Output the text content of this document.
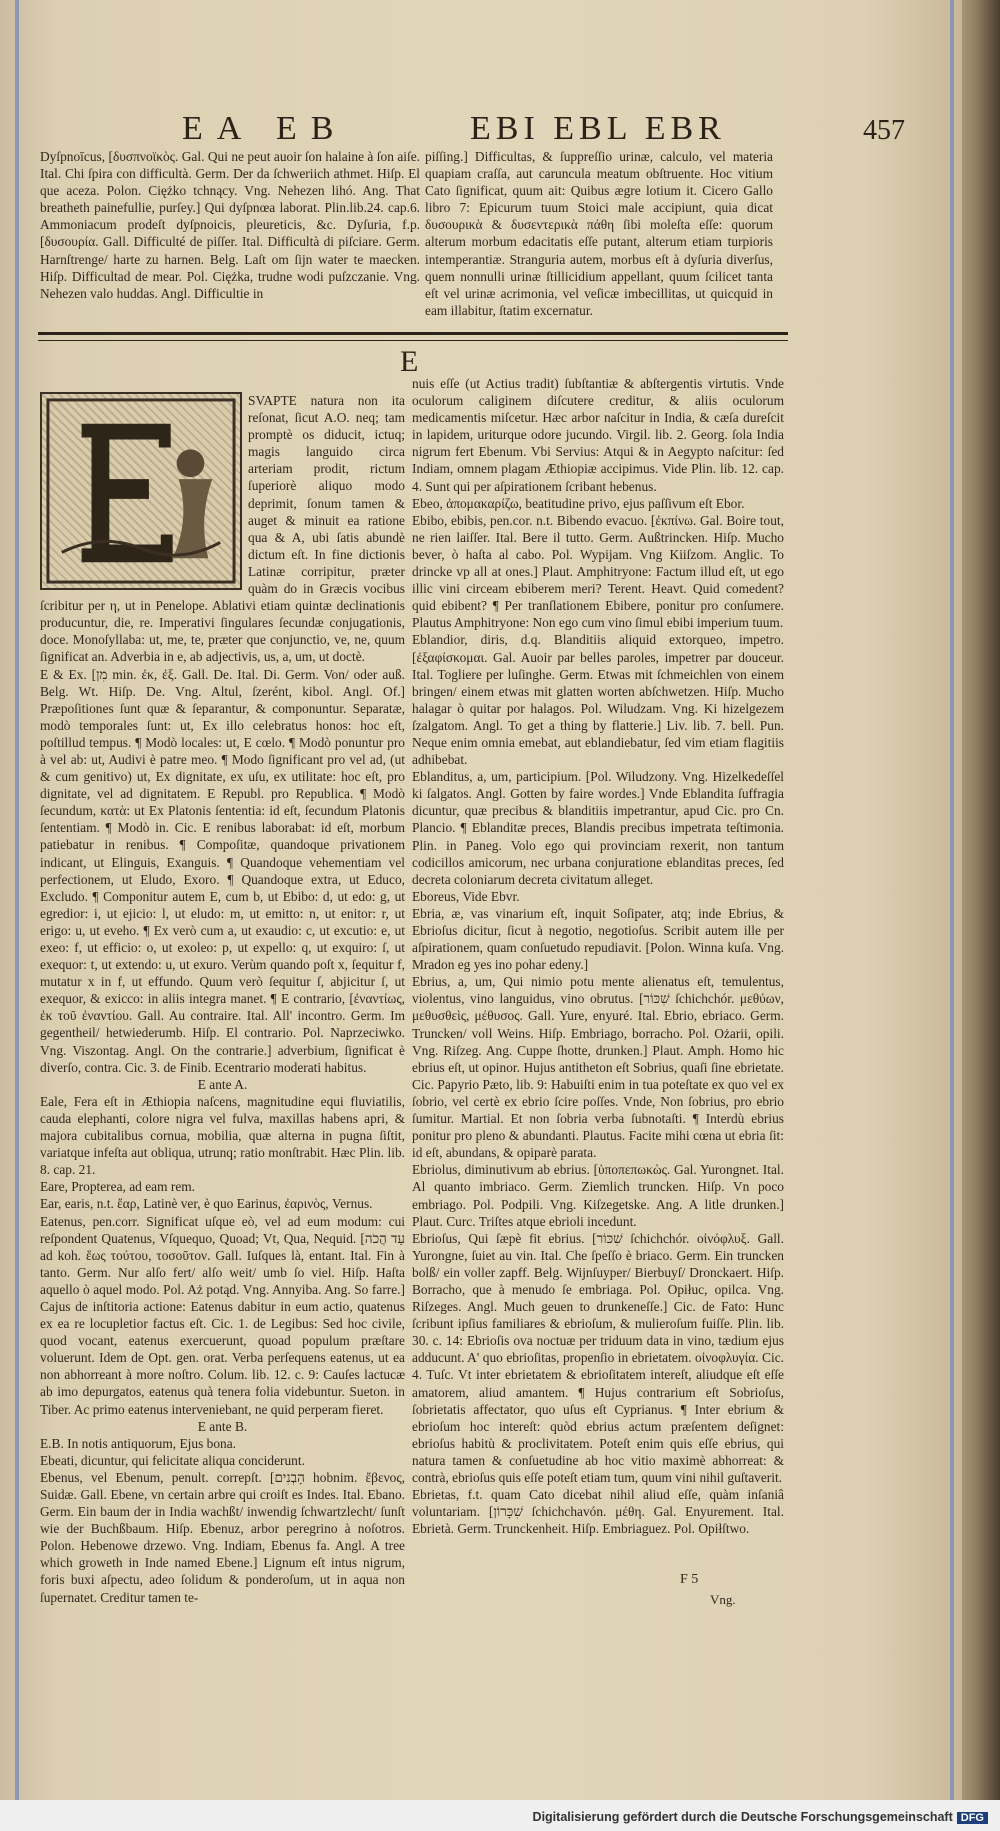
EA EB	EBI EBL EBR	457

Dyſpnoīcus, [δυσπνοϊκὸς. Gal. Qui ne peut auoir ſon halaine à ſon aiſe. Ital. Chi ſpira con difficultà. Germ. Der da ſchweriich athmet. Hiſp. El que acezа. Polon. Ciężko tchnący. Vng. Nehezen lihó. Ang. That breatheth painefullie, purſey.] Qui dyſpnœa laborat. Plin.lib.24. cap.6. Ammoniacum prodeſt dyſpnoicis, pleureticis, &c. Dyſuria, f.p. [δυσουρία. Gall. Difficulté de piſſer. Ital. Difficultà di piſciare. Germ. Harnſtrenge/ harte zu harnen. Belg. Laſt om ſijn water te maecken. Hiſp. Difficultad de mear. Pol. Ciężka, trudne wodi puſzczanie. Vng. Nehezen valo huddas. Angl. Difficultie in

piſſing.] Difficultas, & ſuppreſſio urinæ, calculo, vel materia quapiam craſſa, aut caruncula meatum obſtruente. Hoc vitium Cato ſignificat, quum ait: Quibus ægre lotium it. Cicero Gallo libro 7: Epicurum tuum Stoici male accipiunt, quia dicat δυσουρικὰ & δυσεντερικὰ πάθη ſibi moleſta eſſe: quorum alterum morbum edacitatis eſſe putant, alterum etiam turpioris intemperantiæ. Stranguria autem, morbus eſt à dyſuria diverſus, quem nonnulli urinæ ſtillicidium appellant, quum ſcilicet tanta eſt vel urinæ acrimonia, vel veſicæ imbecillitas, ut quicquid in eam illabitur, ſtatim excernatur.

E

SVAPTE natura non ita reſonat, ſicut A.O. neq; tam promptè os diducit, ictuq; magis languido circa arteriam prodit, rictum ſuperiorè aliquo modo deprimit, ſonum tamen & auget & minuit ea ratione qua & A, ubi ſatis abundè dictum eſt. In fine dictionis Latinæ corripitur, præter quàm do in Græcis vocibus ſcribitur per η, ut in Penelope. Ablativi etiam quintæ declinationis producuntur, die, re. Imperativi ſingulares ſecundæ conjugationis, doce. Monoſyllaba: ut, me, te, præter que conjunctio, ve, ne, quum ſignificat an. Adverbia in e, ab adjectivis, us, a, um, ut doctè.

E & Ex. [מִן min. ἐκ, ἐξ. Gall. De. Ital. Di. Germ. Von/ oder auß. Belg. Wt. Hiſp. De. Vng. Altul, ſzerént, kibol. Angl. Of.] Præpoſitiones ſunt quæ & ſeparantur, & componuntur. Separatæ, modò temporales ſunt: ut, Ex illo celebratus honos: hoc eſt, poſtillud tempus. ¶ Modò locales: ut, E cœlo. ¶ Modò ponuntur pro à vel ab: ut, Audivi è patre meo. ¶ Modo ſignificant pro vel ad, (ut & cum genitivo) ut, Ex dignitate, ex uſu, ex utilitate: hoc eſt, pro dignitate, vel ad dignitatem. E Republ. pro Republica. ¶ Modò ſecundum, κατὰ: ut Ex Platonis ſententia: id eſt, ſecundum Platonis ſententiam. ¶ Modò in. Cic. E renibus laborabat: id eſt, morbum patiebatur in renibus. ¶ Compoſitæ, quandoque privationem indicant, ut Elinguis, Exanguis. ¶ Quandoque vehementiam vel perfectionem, ut Eludo, Exoro. ¶ Quandoque extra, ut Educo, Excludo. ¶ Componitur autem E, cum b, ut Ebibo: d, ut edo: g, ut egredior: i, ut ejicio: l, ut eludo: m, ut emitto: n, ut enitor: r, ut erigo: u, ut eveho. ¶ Ex verò cum a, ut exaudio: c, ut excutio: e, ut exeo: f, ut efficio: o, ut exoleo: p, ut expello: q, ut exquiro: ſ, ut exequor: t, ut extendo: u, ut exuro. Verùm quando poſt x, ſequitur f, mutatur x in f, ut effundo. Quum verò ſequitur ſ, abjicitur ſ, ut exequor, & exiccо: in aliis integra manet. ¶ E contrario, [ἐναντίως, ἐκ τοῦ ἐναντίου. Gall. Au contraire. Ital. All' incontro. Germ. Im gegentheil/ hetwiederumb. Hiſp. El contrario. Pol. Naprzeciwko. Vng. Viszontag. Angl. On the contrarie.] adverbium, ſignificat è diverſo, contra. Cic. 3. de Finib. Ecentrario moderati habitus.

E ante A.

Eale, Fera eſt in Æthiopia naſcens, magnitudine equi fluviatilis, cauda elephanti, colore nigra vel fulva, maxillas habens apri, & majora cubitalibus cornua, mobilia, quæ alterna in pugna ſiſtit, variatque infeſta aut obliqua, utrunq; ratio monſtrabit. Hæc Plin. lib. 8. cap. 21.

Eare, Propterea, ad eam rem.

Ear, earis, n.t. ἔαρ, Latinè ver, è quo Earinus, ἐαρινὸς, Vernus.

Eatenus, pen.corr. Significat uſque eò, vel ad eum modum: cui reſpondent Quatenus, Vſquequo, Quoad; Vt, Qua, Nequid. [עַד הֲכֹה ad koh. ἕως τούτου, τοσοῦτον. Gall. Iuſques là, entant. Ital. Fin à tanto. Germ. Nur alſo fert/ alſo weit/ umb ſo viel. Hiſp. Haſta aquello ò aquel modo. Pol. Aż potąd. Vng. Annyiba. Ang. So farre.] Cajus de inſtitoria actione: Eatenus dabitur in eum actio, quatenus ex ea re locupletior factus eſt. Cic. 1. de Legibus: Sed hoc civile, quod vocant, eatenus exercuerunt, quoad populum præſtare voluerunt. Idem de Opt. gen. orat. Verba perſequens eatenus, ut ea non abhorreant à more noſtro. Colum. lib. 12. c. 9: Cauſes lactucæ ab imo depurgatos, eatenus quà tenera folia videbuntur. Sueton. in Tiber. Ac primo eatenus interveniebant, ne quid perperam fieret.

E ante B.

E.B. In notis antiquorum, Ejus bona.

Ebeati, dicuntur, qui felicitate aliqua conciderunt.

Ebenus, vel Ebenum, penult. correpſt. [הָבְנִים hobnim. ἔβενος, Suidæ. Gall. Ebene, vn certain arbre qui croiſt es Indes. Ital. Ebano. Germ. Ein baum der in India wachßt/ inwendig ſchwartzlecht/ ſunſt wie der Buchßbaum. Hiſp. Ebenuz, arbor peregrino à noſotros. Polon. Hebenowe drzewo. Vng. Indiam, Ebenus fa. Angl. A tree which groweth in Inde named Ebene.] Lignum eſt intus nigrum, foris buxi aſpectu, adeo ſolidum & ponderoſum, ut in aqua non ſupernatet. Creditur tamen te-

nuis eſſe (ut Actius tradit) ſubſtantiæ & abſtergentis virtutis. Vnde oculorum caliginem diſcutere creditur, & aliis oculorum medicamentis miſcetur. Hæc arbor naſcitur in India, & cæſa dureſcit in lapidem, uriturque odore jucundo. Virgil. lib. 2. Georg. ſola India nigrum fert Ebenum. Vbi Servius: Atqui & in Aegypto naſcitur: ſed Indiam, omnem plagam Æthiopiæ accipimus. Vide Plin. lib. 12. cap. 4. Sunt qui per aſpirationem ſcribant hebenus.

Ebeo, ἀπομακαρίζω, beatitudine privo, ejus paſſivum eſt Ebor.

Ebibo, ebibis, pen.cor. n.t. Bibendo evacuo. [ἐκπίνω. Gal. Boire tout, ne rien laiſſer. Ital. Bere il tutto. Germ. Außtrincken. Hiſp. Mucho bever, ò haſta al cabo. Pol. Wypijam. Vng Kiiſzom. Anglic. To drincke vp all at ones.] Plaut. Amphitryone: Factum illud eſt, ut ego illic vini circeam ebiberem meri? Terent. Heavt. Quid comedent? quid ebibent? ¶ Per tranſlationem Ebibere, ponitur pro conſumere. Plautus Amphitryone: Non ego cum vino ſimul ebibi imperium tuum.

Eblandior, diris, d.q. Blanditiis aliquid extorqueo, impetro. [ἐξαφίσκομαι. Gal. Auoir par belles paroles, impetrer par douceur. Ital. Togliere per luſinghe. Germ. Etwas mit ſchmeichlen von einem bringen/ einem etwas mit glatten worten abſchwetzen. Hiſp. Mucho halagar ò quitar por halagos. Pol. Wiludzam. Vng. Ki hizelgezem ſzalgatom. Angl. To get a thing by flatterie.] Liv. lib. 7. bell. Pun. Neque enim omnia emebat, aut eblandiebatur, ſed vim etiam flagitiis adhibebat.

Eblanditus, a, um, participium. [Pol. Wiludzony. Vng. Hizelkedeſſel ki ſalgatos. Angl. Gotten by faire wordes.] Vnde Eblandita ſuffragia dicuntur, quæ precibus & blanditiis impetrantur, apud Cic. pro Cn. Plancio. ¶ Eblanditæ preces, Blandis precibus impetrata teſtimonia. Plin. in Paneg. Volo ego qui provinciam rexerit, non tantum codicillos amicorum, nec urbana conjuratione eblanditas preces, ſed decreta coloniarum decreta civitatum alleget.

Eboreus, Vide Ebvr.

Ebria, æ, vas vinarium eſt, inquit Soſipater, atq; inde Ebrius, & Ebrioſus dicitur, ſicut à negotio, negotioſus. Scribit autem ille per aſpirationem, quam conſuetudo repudiavit. [Polon. Winna kuſa. Vng. Mradon eg yes ino pohar edeny.]

Ebrius, a, um, Qui nimio potu mente alienatus eſt, temulentus, violentus, vino languidus, vino obrutus. [שִׁכּוֹר ſchichchór. μεθύων, μεθυσθεὶς, μέθυσος. Gall. Yure, enyuré. Ital. Ebrio, ebriaco. Germ. Truncken/ voll Weins. Hiſp. Embriago, borracho. Pol. Ożarii, opili. Vng. Riſzeg. Ang. Cuppe ſhotte, drunken.] Plaut. Amph. Homo hic ebrius eſt, ut opinor. Hujus antitheton eſt Sobrius, quaſi ſine ebrietate. Cic. Papyrio Pæto, lib. 9: Habuiſti enim in tua poteſtate ex quo vel ex ſobrio, vel certè ex ebrio ſcire poſſes. Vnde, Non ſobrius, pro ebrio ſumitur. Martial. Et non ſobria verba ſubnotaſti. ¶ Interdù ebrius ponitur pro pleno & abundanti. Plautus. Facite mihi cœna ut ebria ſit: id eſt, abundans, & opiparè parata.

Ebriolus, diminutivum ab ebrius. [ὑποπεπωκὼς. Gal. Yurongnet. Ital. Al quanto imbriaco. Germ. Ziemlich truncken. Hiſp. Vn poco embriago. Pol. Podpili. Vng. Kiſzegetske. Ang. A litle drunken.] Plaut. Curc. Triſtes atque ebrioli incedunt.

Ebrioſus, Qui ſæpè fit ebrius. [שִׁכּוֹר ſchichchór. οἰνόφλυξ. Gall. Yurongne, ſuiet au vin. Ital. Che ſpeſſo è briaco. Germ. Ein truncken bolß/ ein voller zapff. Belg. Wijnſuyper/ Bierbuyſ/ Dronckaert. Hiſp. Borracho, que à menudo ſe embriaga. Pol. Opiłuc, opilca. Vng. Riſzeges. Angl. Much geuen to drunkeneſſe.] Cic. de Fato: Hunc ſcribunt ipſius familiares & ebrioſum, & mulieroſum fuiſſe. Plin. lib. 30. c. 14: Ebrioſis ova noctuæ per triduum data in vino, tædium ejus adducunt. A' quo ebrioſitas, propenſio in ebrietatem. οἰνοφλυγία. Cic. 4. Tuſc. Vt inter ebrietatem & ebrioſitatem intereſt, aliudque eſt eſſe amatorem, aliud amantem. ¶ Hujus contrarium eſt Sobrioſus, ſobrietatis affectator, quo uſus eſt Cyprianus. ¶ Inter ebrium & ebrioſum hoc intereſt: quòd ebrius actum præſentem deſignet: ebrioſus habitù & proclivitatem. Poteſt enim quis eſſe ebrius, qui natura tamen & conſuetudine ab hoc vitio maximè abhorreat: & contrà, ebrioſus quis eſſe poteſt etiam tum, quum vini nihil guſtaverit.

Ebrietas, f.t. quam Cato dicebat nihil aliud eſſe, quàm inſaniâ voluntariam. [שִׁכָּרוֹן ſchichchavón. μέθη. Gal. Enyurement. Ital. Ebrietà. Germ. Trunckenheit. Hiſp. Embriaguez. Pol. Opiłſtwo.

F 5
Vng.
Digitalisierung gefördert durch die Deutsche Forschungsgemeinschaft DFG
